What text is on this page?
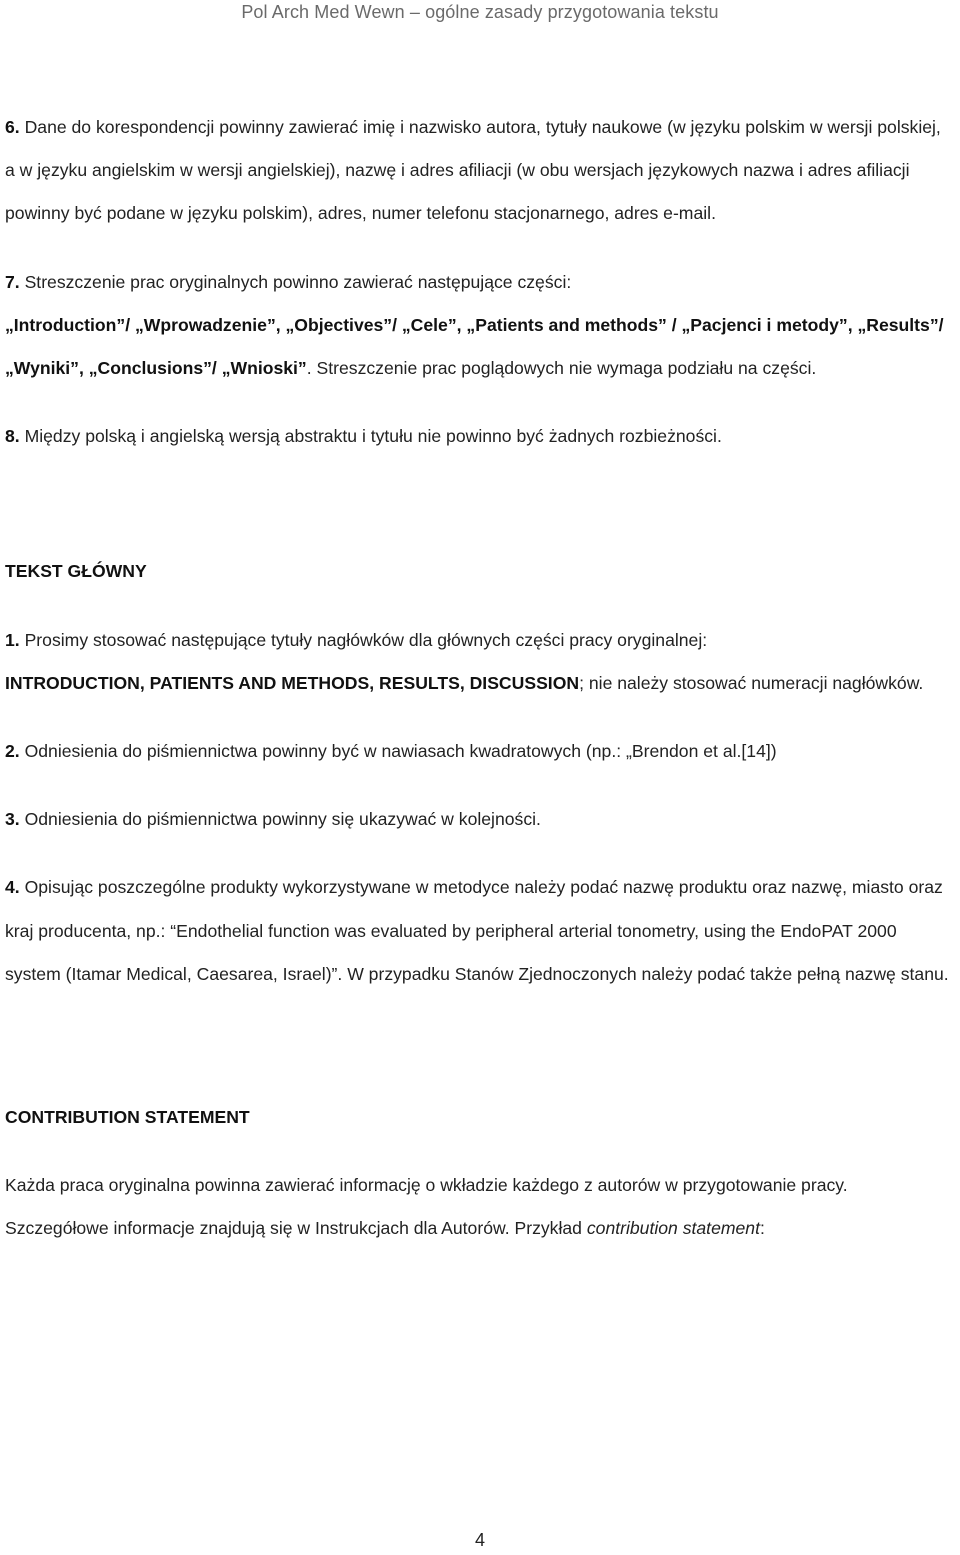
Pol Arch Med Wewn – ogólne zasady przygotowania tekstu

6. Dane do korespondencji powinny zawierać imię i nazwisko autora, tytuły naukowe (w języku polskim w wersji polskiej, a w języku angielskim w wersji angielskiej), nazwę i adres afiliacji (w obu wersjach językowych nazwa i adres afiliacji powinny być podane w języku polskim), adres, numer telefonu stacjonarnego, adres e-mail.

7. Streszczenie prac oryginalnych powinno zawierać następujące części:
„Introduction”/ „Wprowadzenie”, „Objectives”/ „Cele”, „Patients and methods” / „Pacjenci i metody”, „Results”/ „Wyniki”, „Conclusions”/ „Wnioski”. Streszczenie prac poglądowych nie wymaga podziału na części.

8. Między polską i angielską wersją abstraktu i tytułu nie powinno być żadnych rozbieżności.

TEKST GŁÓWNY

1. Prosimy stosować następujące tytuły nagłówków dla głównych części pracy oryginalnej:
INTRODUCTION, PATIENTS AND METHODS, RESULTS, DISCUSSION; nie należy stosować numeracji nagłówków.

2. Odniesienia do piśmiennictwa powinny być w nawiasach kwadratowych (np.: „Brendon et al.[14])

3. Odniesienia do piśmiennictwa powinny się ukazywać w kolejności.

4. Opisując poszczególne produkty wykorzystywane w metodyce należy podać nazwę produktu oraz nazwę, miasto oraz kraj producenta, np.: “Endothelial function was evaluated by peripheral arterial tonometry, using the EndoPAT 2000 system (Itamar Medical, Caesarea, Israel)”. W przypadku Stanów Zjednoczonych należy podać także pełną nazwę stanu.

CONTRIBUTION STATEMENT

Każda praca oryginalna powinna zawierać informację o wkładzie każdego z autorów w przygotowanie pracy. Szczegółowe informacje znajdują się w Instrukcjach dla Autorów. Przykład contribution statement:

4
